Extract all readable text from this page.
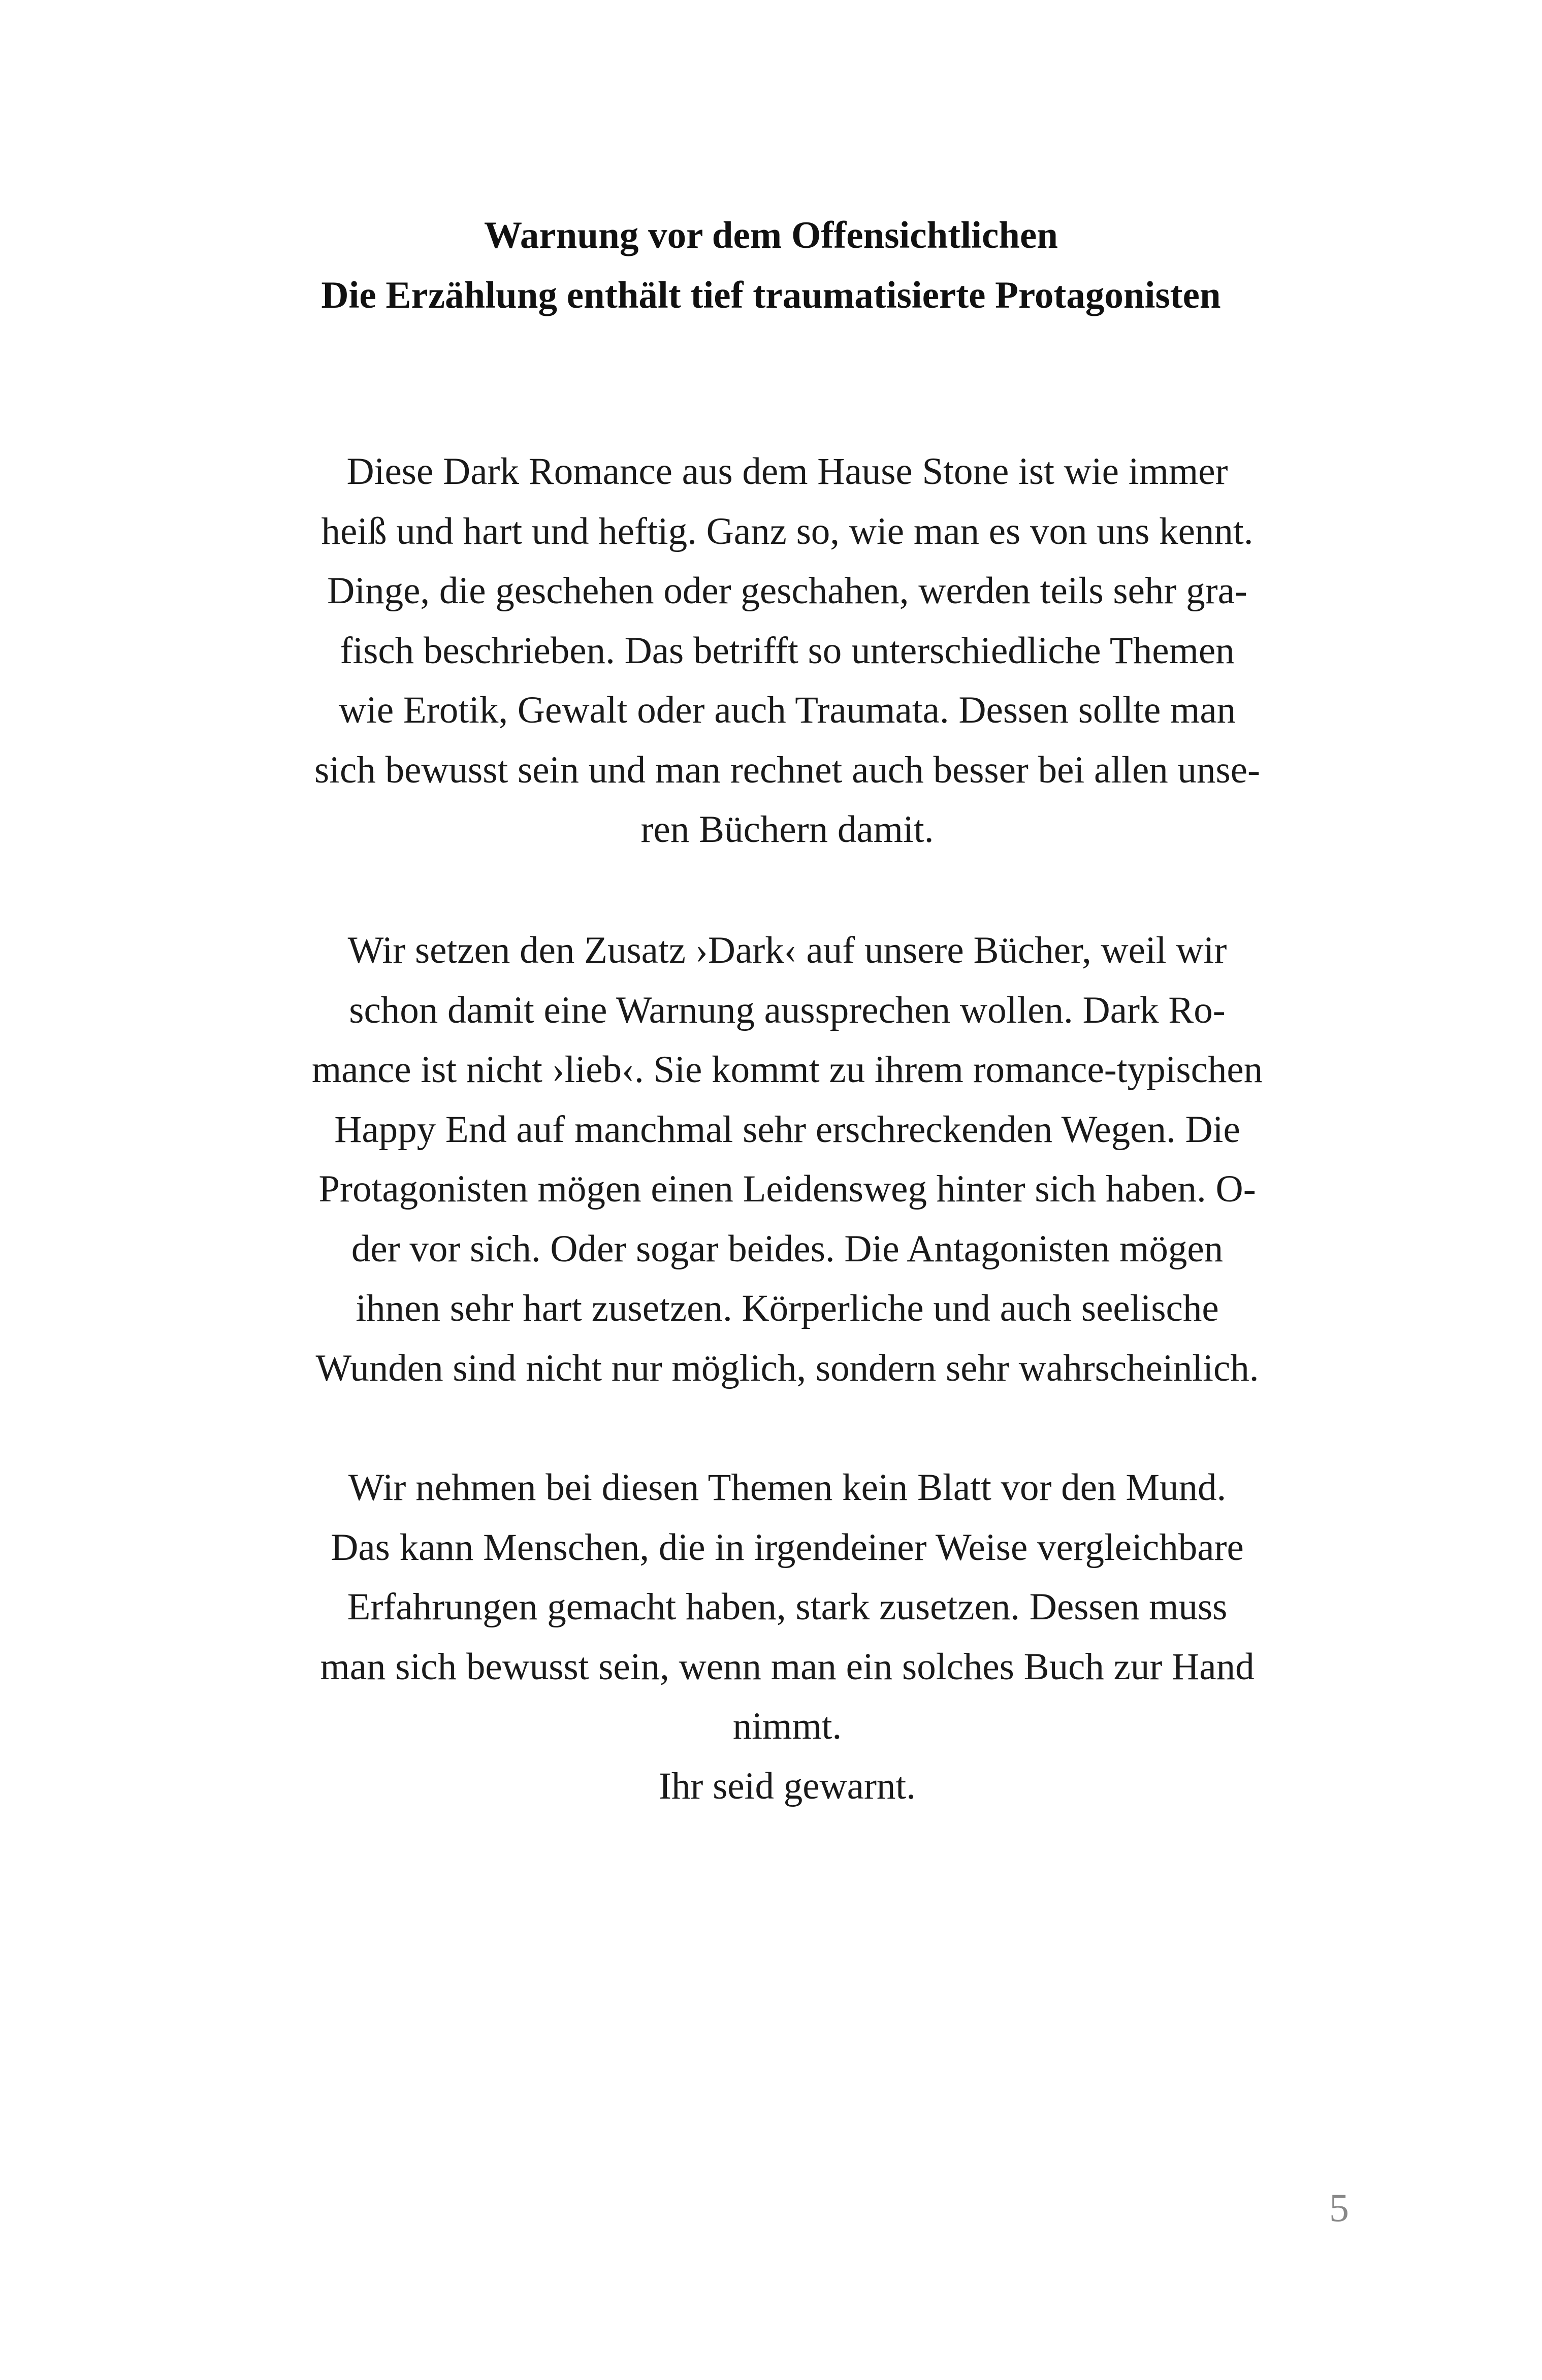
Warnung vor dem Offensichtlichen
Die Erzählung enthält tief traumatisierte Protagonisten
Diese Dark Romance aus dem Hause Stone ist wie immer
heiß und hart und heftig. Ganz so, wie man es von uns kennt.
Dinge, die geschehen oder geschahen, werden teils sehr gra-
fisch beschrieben. Das betrifft so unterschiedliche Themen
wie Erotik, Gewalt oder auch Traumata. Dessen sollte man
sich bewusst sein und man rechnet auch besser bei allen unse-
ren Büchern damit.
Wir setzen den Zusatz ›Dark‹ auf unsere Bücher, weil wir
schon damit eine Warnung aussprechen wollen. Dark Ro-
mance ist nicht ›lieb‹. Sie kommt zu ihrem romance-typischen
Happy End auf manchmal sehr erschreckenden Wegen. Die
Protagonisten mögen einen Leidensweg hinter sich haben. O-
der vor sich. Oder sogar beides. Die Antagonisten mögen
ihnen sehr hart zusetzen. Körperliche und auch seelische
Wunden sind nicht nur möglich, sondern sehr wahrscheinlich.
Wir nehmen bei diesen Themen kein Blatt vor den Mund.
Das kann Menschen, die in irgendeiner Weise vergleichbare
Erfahrungen gemacht haben, stark zusetzen. Dessen muss
man sich bewusst sein, wenn man ein solches Buch zur Hand
nimmt.
Ihr seid gewarnt.
5
